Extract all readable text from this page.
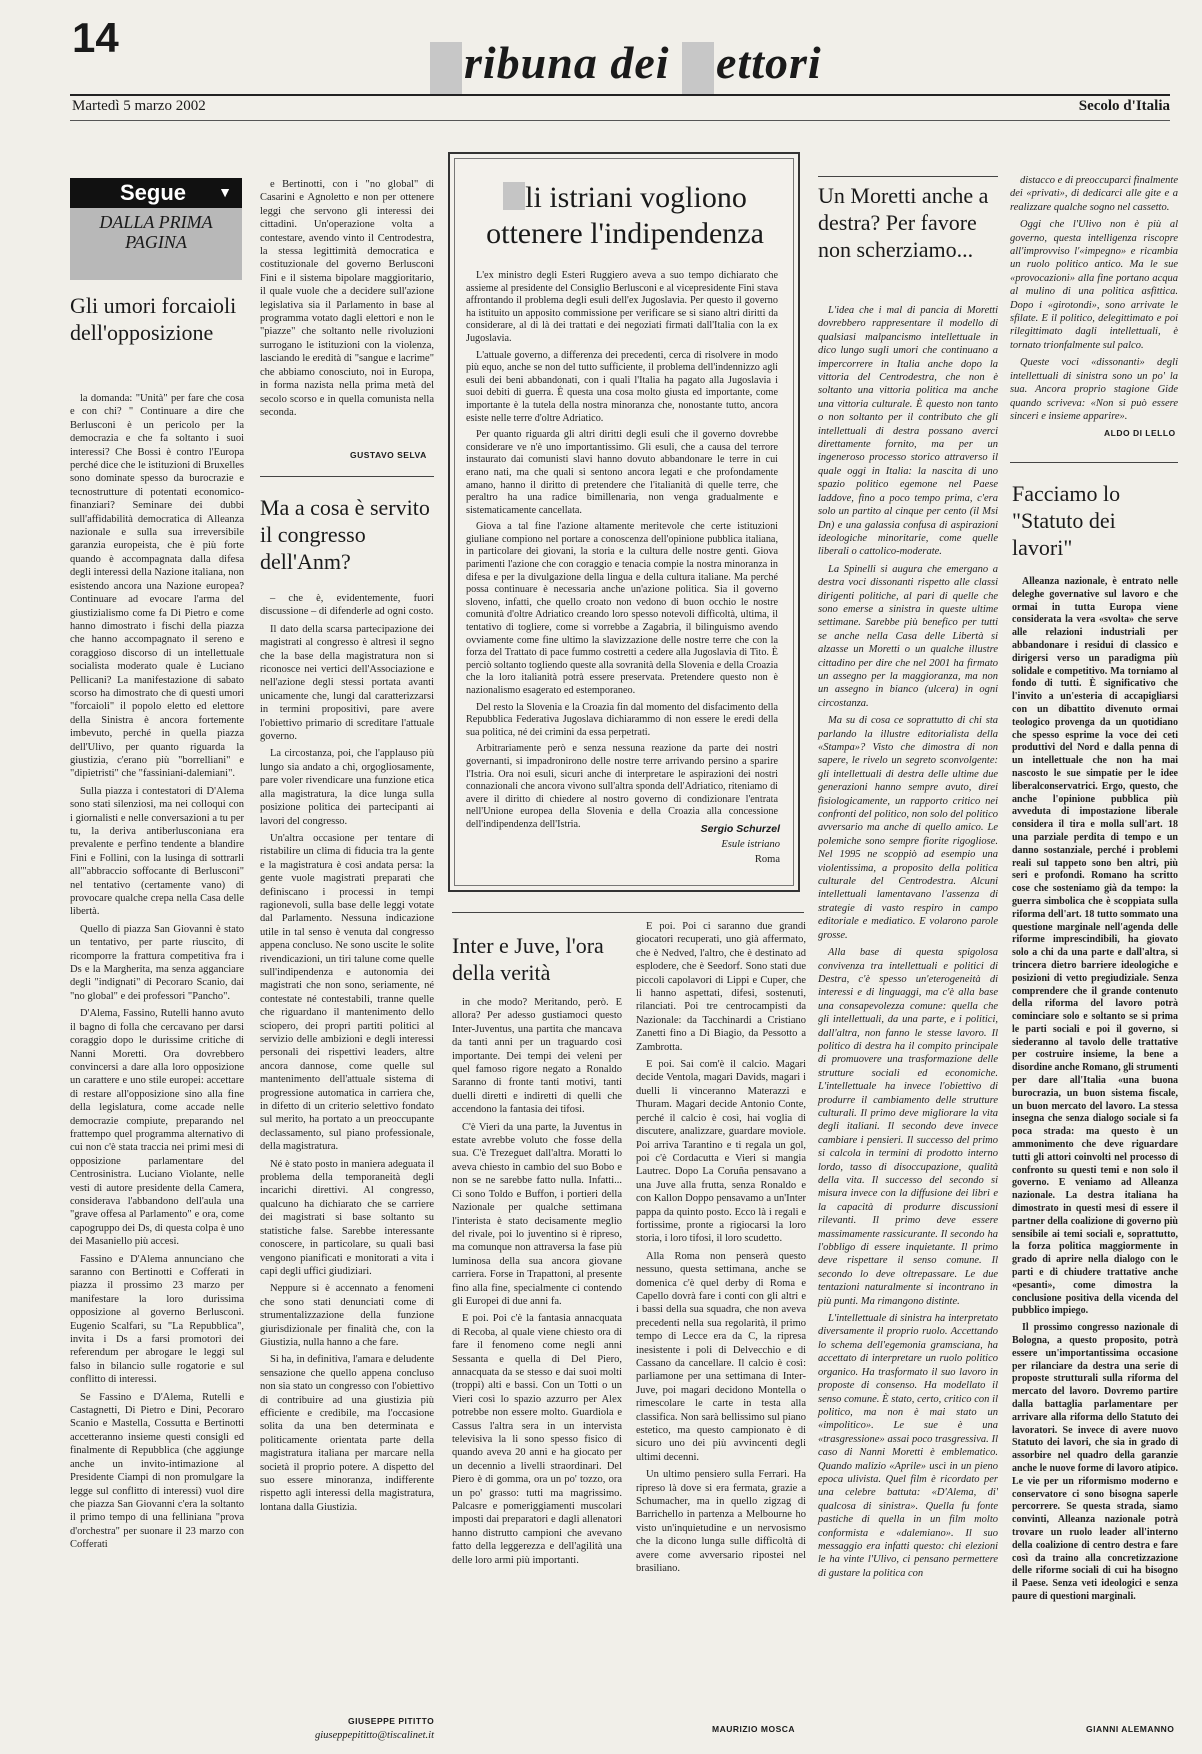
14	ribuna dei ettori
Martedì 5 marzo 2002	Secolo d'Italia
Segue ▼
DALLA PRIMA PAGINA
Gli umori forcaioli dell'opposizione

la domanda: "Unità" per fare che cosa e con chi? " Continuare a dire che Berlusconi è un pericolo per la democrazia e che fa soltanto i suoi interessi? Che Bossi è contro l'Europa perché dice che le istituzioni di Bruxelles sono dominate spesso da burocrazie e tecnostrutture di potentati economico-finanziari? Seminare dei dubbi sull'affidabilità democratica di Alleanza nazionale e sulla sua irreversibile garanzia europeista, che è più forte quando è accompagnata dalla difesa degli interessi della Nazione italiana, non esistendo ancora una Nazione europea? Continuare ad evocare l'arma del giustizialismo come fa Di Pietro e come hanno dimostrato i fischi della piazza che hanno accompagnato il sereno e coraggioso discorso di un intellettuale socialista moderato quale è Luciano Pellicani? La manifestazione di sabato scorso ha dimostrato che di questi umori "forcaioli" il popolo eletto ed elettore della Sinistra è ancora fortemente imbevuto, perché in quella piazza dell'Ulivo, per quanto riguarda la giustizia, c'erano più "borrelliani" e "dipietristi" che "fassiniani-dalemiani".

Sulla piazza i contestatori di D'Alema sono stati silenziosi, ma nei colloqui con i giornalisti e nelle conversazioni a tu per tu, la deriva antiberlusconiana era prevalente e perfino tendente a blandire Fini e Follini, con la lusinga di sottrarli all'"abbraccio soffocante di Berlusconi" nel tentativo (certamente vano) di provocare qualche crepa nella Casa delle libertà.

Quello di piazza San Giovanni è stato un tentativo, per parte riuscito, di ricomporre la frattura competitiva fra i Ds e la Margherita, ma senza agganciare degli "indignati" di Pecoraro Scanio, dai "no global" e dei professori "Pancho".

D'Alema, Fassino, Rutelli hanno avuto il bagno di folla che cercavano per darsi coraggio dopo le durissime critiche di Nanni Moretti. Ora dovrebbero convincersi a dare alla loro opposizione un carattere e uno stile europei: accettare di restare all'opposizione sino alla fine della legislatura, come accade nelle democrazie compiute, preparando nel frattempo quel programma alternativo di cui non c'è stata traccia nei primi mesi di opposizione parlamentare del Centrosinistra. Luciano Violante, nelle vesti di autore presidente della Camera, considerava l'abbandono dell'aula una "grave offesa al Parlamento" e ora, come capogruppo dei Ds, di questa colpa è uno dei Masaniello più accesi.

Fassino e D'Alema annunciano che saranno con Bertinotti e Cofferati in piazza il prossimo 23 marzo per manifestare la loro durissima opposizione al governo Berlusconi. Eugenio Scalfari, su "La Repubblica", invita i Ds a farsi promotori dei referendum per abrogare le leggi sul falso in bilancio sulle rogatorie e sul conflitto di interessi.

Se Fassino e D'Alema, Rutelli e Castagnetti, Di Pietro e Dini, Pecoraro Scanio e Mastella, Cossutta e Bertinotti accetteranno insieme questi consigli ed finalmente di Repubblica (che aggiunge anche un invito-intimazione al Presidente Ciampi di non promulgare la legge sul conflitto di interessi) vuol dire che piazza San Giovanni c'era la soltanto il primo tempo di una fellinianа "prova d'orchestra" per suonare il 23 marzo con Cofferati

e Bertinotti, con i "no global" di Casarini e Agnoletto e non per ottenere leggi che servono gli interessi dei cittadini. Un'operazione volta a contestare, avendo vinto il Centrodestra, la stessa legittimità democratica e costituzionale del governo Berlusconi Fini e il sistema bipolare maggioritario, il quale vuole che a decidere sull'azione legislativa sia il Parlamento in base al programma votato dagli elettori e non le "piazze" che soltanto nelle rivoluzioni surrogano le istituzioni con la violenza, lasciando le eredità di "sangue e lacrime" che abbiamo conosciuto, noi in Europa, in forma nazista nella prima metà del secolo scorso e in quella comunista nella seconda.

GUSTAVO SELVA
Ma a cosa è servito il congresso dell'Anm?

– che è, evidentemente, fuori discussione – di difenderle ad ogni costo.

Il dato della scarsa partecipazione dei magistrati al congresso è altresì il segno che la base della magistratura non si riconosce nei vertici dell'Associazione e nell'azione degli stessi portata avanti unicamente che, lungi dal caratterizzarsi in termini propositivi, pare avere l'obiettivo primario di screditare l'attuale governo.

La circostanza, poi, che l'applauso più lungo sia andato a chi, orgogliosamente, pare voler rivendicare una funzione etica alla magistratura, la dice lunga sulla posizione politica dei partecipanti ai lavori del congresso.

Un'altra occasione per tentare di ristabilire un clima di fiducia tra la gente e la magistratura è così andata persa: la gente vuole magistrati preparati che definiscano i processi in tempi ragionevoli, sulla base delle leggi votate dal Parlamento. Nessuna indicazione utile in tal senso è venuta dal congresso appena concluso. Ne sono uscite le solite rivendicazioni, un tiri talune come quelle sull'indipendenza e autonomia dei magistrati che non sono, seriamente, né contestate né contestabili, tranne quelle che riguardano il mantenimento dello sciopero, dei propri partiti politici al servizio delle ambizioni e degli interessi personali dei rispettivi leaders, altre ancora dannose, come quelle sul mantenimento dell'attuale sistema di progressione automatica in carriera che, in difetto di un criterio selettivo fondato sul merito, ha portato a un preoccupante declassamento, sul piano professionale, della magistratura.

Né è stato posto in maniera adeguata il problema della temporaneità degli incarichi direttivi. Al congresso, qualcuno ha dichiarato che se carriere dei magistrati si base soltanto su statistiche false. Sarebbe interessante conoscere, in particolare, su quali basi vengono pianificati e monitorati a vita i capi degli uffici giudiziari.

Neppure si è accennato a fenomeni che sono stati denunciati come di strumentalizzazione della funzione giurisdizionale per finalità che, con la Giustizia, nulla hanno a che fare.

Si ha, in definitiva, l'amara e deludente sensazione che quello appena concluso non sia stato un congresso con l'obiettivo di contribuire ad una giustizia più efficiente e credibile, ma l'occasione solita da una ben determinata e politicamente orientata parte della magistratura italiana per marcare nella società il proprio potere. A dispetto del suo essere minoranza, indifferente rispetto agli interessi della magistratura, lontana dalla Giustizia.

GIUSEPPE PITITTO
giuseppepititto@tiscalinet.it
li istriani vogliono ottenere l'indipendenza

L'ex ministro degli Esteri Ruggiero aveva a suo tempo dichiarato che assieme al presidente del Consiglio Berlusconi e al vicepresidente Fini stava affrontando il problema degli esuli dell'ex Jugoslavia. Per questo il governo ha istituito un apposito commissione per verificare se si siano altri diritti da considerare, al di là dei trattati e dei negoziati firmati dall'Italia con la ex Jugoslavia.

L'attuale governo, a differenza dei precedenti, cerca di risolvere in modo più equo, anche se non del tutto sufficiente, il problema dell'indennizzo agli esuli dei beni abbandonati, con i quali l'Italia ha pagato alla Jugoslavia i suoi debiti di guerra. È questa una cosa molto giusta ed importante, come importante è la tutela della nostra minoranza che, nonostante tutto, ancora esiste nelle terre d'oltre Adriatico.

Per quanto riguarda gli altri diritti degli esuli che il governo dovrebbe considerare ve n'è uno importantissimo. Gli esuli, che a causa del terrore instaurato dai comunisti slavi hanno dovuto abbandonare le terre in cui erano nati, ma che quali si sentono ancora legati e che profondamente amano, hanno il diritto di pretendere che l'italianità di quelle terre, che peraltro ha una radice bimillenaria, non venga gradualmente e sistematicamente cancellata.

Giova a tal fine l'azione altamente meritevole che certe istituzioni giuliane compiono nel portare a conoscenza dell'opinione pubblica italiana, in particolare dei giovani, la storia e la cultura delle nostre genti. Giova parimenti l'azione che con coraggio e tenacia compie la nostra minoranza in difesa e per la divulgazione della lingua e della cultura italiane. Ma perché possa continuare è necessaria anche un'azione politica. Sia il governo sloveno, infatti, che quello croato non vedono di buon occhio le nostre comunità d'oltre Adriatico creando loro spesso notevoli difficoltà, ultima, il tentativo di togliere, come si vorrebbe a Zagabria, il bilinguismo avendo ovviamente come fine ultimo la slavizzazione delle nostre terre che con la forza del Trattato di pace fummo costretti a cedere alla Jugoslavia di Tito. È perciò soltanto togliendo queste alla sovranità della Slovenia e della Croazia che la loro italianità potrà essere preservata. Pretendere questo non è nazionalismo esagerato ed estemporaneo.

Del resto la Slovenia e la Croazia fin dal momento del disfacimento della Repubblica Federativa Jugoslava dichiarammo di non essere le eredi della sua politica, né dei crimini da essa perpetrati.

Arbitrariamente però e senza nessuna reazione da parte dei nostri governanti, si impadronirono delle nostre terre arrivando persino a sparire l'Istria. Ora noi esuli, sicuri anche di interpretare le aspirazioni dei nostri connazionali che ancora vivono sull'altra sponda dell'Adriatico, riteniamo di avere il diritto di chiedere al nostro governo di condizionare l'entrata nell'Unione europea della Slovenia e della Croazia alla concessione dell'indipendenza dell'Istria.	Sergio Schurzel
Esule istriano
Roma
Inter e Juve, l'ora della verità

in che modo? Meritando, però. E allora? Per adesso gustiamoci questo Inter-Juventus, una partita che mancava da tanti anni per un traguardo così importante. Dei tempi dei veleni per quel famoso rigore negato a Ronaldo Saranno di fronte tanti motivi, tanti duelli diretti e indiretti di quelli che accendono la fantasia dei tifosi.

C'è Vieri da una parte, la Juventus in estate avrebbe voluto che fosse della sua. C'è Trezeguet dall'altra. Moratti lo aveva chiesto in cambio del suo Bobo e non se ne sarebbe fatto nulla. Infatti... Ci sono Toldo e Buffon, i portieri della Nazionale per qualche settimana l'interista è stato decisamente meglio del rivale, poi lo juventino si è ripreso, ma comunque non attraversa la fase più luminosa della sua ancora giovane carriera. Forse in Trapattoni, al presente fino alla fine, specialmente ci contendo gli Europei di due anni fa.

E poi. Poi c'è la fantasia annacquata di Recoba, al quale viene chiesto ora di fare il fenomeno come negli anni Sessanta e quella di Del Piero, annacquata da se stesso e dai suoi molti (troppi) alti e bassi. Con un Totti o un Vieri così lo spazio azzurro per Alex potrebbe non essere molto. Guardiola e Cassus l'altra sera in un intervista televisiva la li sono spesso fisico di quando aveva 20 anni e ha giocato per un decennio a livelli straordinari. Del Piero è di gomma, ora un po' tozzo, ora un po' grasso: tutti ma magrissimo. Palcasre e pomeriggiamenti muscolari imposti dai preparatori e dagli allenatori hanno distrutto campioni che avevano fatto della leggerezza e dell'agilità una delle loro armi più importanti.

E poi. Poi ci saranno due grandi giocatori recuperati, uno già affermato, che è Nedved, l'altro, che è destinato ad esplodere, che è Seedorf. Sono stati due piccoli capolavori di Lippi e Cuper, che li hanno aspettati, difesi, sostenuti, rilanciati. Poi tre centrocampisti da Nazionale: da Tacchinardi a Cristiano Zanetti fino a Di Biagio, da Pessotto a Zambrotta.

E poi. Sai com'è il calcio. Magari decide Ventola, magari Davids, magari i duelli li vinceranno Materazzi e Thuram. Magari decide Antonio Conte, perché il calcio è così, hai voglia di discutere, analizzare, guardare moviole. Poi arriva Tarantino e ti regala un gol, poi c'è Cordacutta e Vieri si mangia Lautrec. Dopo La Coruña pensavano a una Juve alla frutta, senza Ronaldo e con Kallon Doppo pensavamo a un'Inter pappa da quinto posto. Ecco là i regali e fortissime, pronte a rigiocarsi la loro storia, i loro tifosi, il loro scudetto.

Alla Roma non penserà questo nessuno, questa settimana, anche se domenica c'è quel derby di Roma e Capello dovrà fare i conti con gli altri e i bassi della sua squadra, che non aveva precedenti nella sua regolarità, il primo tempo di Lecce era da C, la ripresa inesistente i poli di Delvecchio e di Cassano da cancellare. Il calcio è così: parliamone per una settimana di Inter-Juve, poi magari decidono Montella o rimescolare le carte in testa alla classifica. Non sarà bellissimo sul piano estetico, ma questo campionato è di sicuro uno dei più avvincenti degli ultimi decenni.

Un ultimo pensiero sulla Ferrari. Ha ripreso là dove si era fermata, grazie a Schumacher, ma in quello zigzag di Barrichello in partenza a Melbourne ho visto un'inquietudine e un nervosismo che la dicono lunga sulle difficoltà di avere come avversario ripostei nel brasiliano.

MAURIZIO MOSCA
Un Moretti anche a destra? Per favore non scherziamo...

L'idea che i mal di pancia di Moretti dovrebbero rappresentare il modello di qualsiasi malpancismo intellettuale in dico lungo sugli umori che continuano a impercorrere in Italia anche dopo la vittoria del Centrodestra, che non è soltanto una vittoria politica ma anche una vittoria culturale. È questo non tanto o non soltanto per il contributo che gli intellettuali di destra possano averci direttamente fornito, ma per un ingenerоso processo storico attraverso il quale oggi in Italia: la nascita di uno spazio politico egemone nel Paese laddove, fino a poco tempo prima, c'era solo un partito al cinque per cento (il Msi Dn) e una galassia confusa di aspirazioni ideologiche minoritarie, come quelle liberali o cattolico-moderate.

La Spinelli si augura che emergano a destra voci dissonanti rispetto alle classi dirigenti politiche, al pari di quelle che sono emerse a sinistra in queste ultime settimane. Sarebbe più benefico per tutti se anche nella Casa delle Libertà si alzasse un Moretti o un qualche illustre cittadino per dire che nel 2001 ha firmato un assegno per la maggioranza, ma non un assegno in bianco (ulcera) in ogni circostanza.

Ma su di cosa ce soprattutto di chi sta parlando la illustre editorialista della «Stampa»? Visto che dimostra di non sapere, le rivelo un segreto sconvolgente: gli intellettuali di destra delle ultime due generazioni hanno sempre avuto, direi fisiologicamente, un rapporto critico nei confronti del politico, non solo del politico avversario ma anche di quello amico. Le polemiche sono sempre fiorite rigogliose. Nel 1995 ne scoppiò ad esempio una violentissima, a proposito della politica culturale del Centrodestra. Alcuni intellettuali lamentavano l'assenza di strategie di vasto respiro in campo editoriale e mediatico. E volarono parole grosse.

Alla base di questa spigolosa convivenza tra intellettuali e politici di Destra, c'è spesso un'eterogeneità di interessi e di linguaggi, ma c'è alla base una consapevolezza comune: quella che gli intellettuali, da una parte, e i politici, dall'altra, non fanno le stesse lavoro. Il politico di destra ha il compito principale di promuovere una trasformazione delle strutture sociali ed economiche. L'intellettuale ha invece l'obiettivo di produrre il cambiamento delle strutture culturali. Il primo deve migliorare la vita degli italiani. Il secondo deve invece cambiare i pensieri. Il successo del primo si calcola in termini di prodotto interno lordo, tasso di disoccupazione, qualità della vita. Il successo del secondo si misura invece con la diffusione dei libri e la capacità di produrre discussioni rilevanti. Il primo deve essere massimamente rassicurante. Il secondo ha l'obbligo di essere inquietante. Il primo deve rispettare il senso comune. Il secondo lo deve oltrepassare. Le due tentazioni naturalmente si incontrano in più punti. Ma rimangono distinte.

L'intellettuale di sinistra ha interpretato diversamente il proprio ruolo. Accettando lo schema dell'egemonia gramsciana, ha accettato di interpretare un ruolo politico organico. Ha trasformato il suo lavoro in proposte di consenso. Ha modellato il senso comune. È stato, certo, critico con il politico, ma non è mai stato un «impolitico». Le sue è una «trasgressione» assai poco trasgressiva. Il caso di Nanni Moretti è emblematico. Quando malizio «Aprile» uscì in un pieno epoca ulivista. Quel film è ricordato per una celebre battuta: «D'Alema, di' qualcosa di sinistra». Quella fu fonte pastiche di quella in un film molto conformista e «dalemiano». Il suo messaggio era infatti questo: chi elezioni le ha vinte l'Ulivo, ci pensano permettere di gustare la politica con

distacco e di preoccuparci finalmente dei «privati», di dedicarci alle gite e a realizzare qualche sogno nel cassetto.

Oggi che l'Ulivo non è più al governo, questa intelligenza riscopre all'improvviso l'«impegno» e ricambia un ruolo politico antico. Ma le sue «provocazioni» alla fine portano acqua al mulino di una politica asfittica. Dopo i «girotondi», sono arrivate le sfilate. E il politico, delegittimato e poi rilegittimato dagli intellettuali, è tornato trionfalmente sul palco.

Queste voci «dissonanti» degli intellettuali di sinistra sono un po' la sua. Ancora proprio stagione Gide quando scriveva: «Non si può essere sinceri e insieme apparire».

ALDO DI LELLO
Facciamo lo "Statuto dei lavori"

Alleanza nazionale, è entrato nelle deleghe governative sul lavoro e che ormai in tutta Europa viene considerata la vera «svolta» che serve alle relazioni industriali per abbandonare i residui di classico e dirigersi verso un paradigma più solidale e competitivo. Ma torniamo al fondo di tutti. È significativo che l'invito a un'esteria di accapigliarsi con un dibattito divenuto ormai teologico provenga da un quotidiano che spesso esprime la voce dei ceti produttivi del Nord e dalla penna di un intellettuale che non ha mai nascosto le sue simpatie per le idee liberalconservatrici. Ergo, questo, che anche l'opinione pubblica più avveduta di impostazione liberale considera il tira e molla sull'art. 18 una parziale perdita di tempo e un danno sostanziale, perché i problemi reali sul tappeto sono ben altri, più seri e profondi. Romano ha scritto cose che sosteniamo già da tempo: la guerra simbolica che è scoppiata sulla riforma dell'art. 18 tutto sommato una questione marginale nell'agenda delle riforme imprescindibili, ha giovato solo a chi da una parte e dall'altra, si trincera dietro barriere ideologiche e posizioni di vetto pregiudiziale. Senza comprendere che il grande contenuto della riforma del lavoro potrà cominciare solo e soltanto se si prima le parti sociali e poi il governo, si siederanno al tavolo delle trattative per costruire insieme, la bene a disordine anche Romano, gli strumenti per dare all'Italia «una buona burocrazia, un buon sistema fiscale, un buon mercato del lavoro. La stessa insegna che senza dialogo sociale si fa poca strada: ma questo è un ammonimento che deve riguardare tutti gli attori coinvolti nel processo di confronto su questi temi e non solo il governo. E veniamo ad Alleanza nazionale. La destra italiana ha dimostrato in questi mesi di essere il partner della coalizione di governo più sensibile ai temi sociali e, soprattutto, la forza politica maggiormente in grado di aprire nella dialogo con le parti e di chiudere trattative anche «pesanti», come dimostra la conclusione positiva della vicenda del pubblico impiego.

Il prossimo congresso nazionale di Bologna, a questo proposito, potrà essere un'importantissima occasione per rilanciare da destra una serie di proposte strutturali sulla riforma del mercato del lavoro. Dovremo partire dalla battaglia parlamentare per arrivare alla riforma dello Statuto dei lavoratori. Se invece di avere nuovo Statuto dei lavori, che sia in grado di assorbire nel quadro della garanzie anche le nuove forme di lavoro atipico. Le vie per un riformismo moderno e conservatore ci sono bisogna saperle percorrere. Se questa strada, siamo convinti, Alleanza nazionale potrà trovare un ruolo leader all'interno della coalizione di centro destra e fare così da traino alla concretizzazione delle riforme sociali di cui ha bisogno il Paese. Senza veti ideologici e senza paure di questioni marginali.

GIANNI ALEMANNO
